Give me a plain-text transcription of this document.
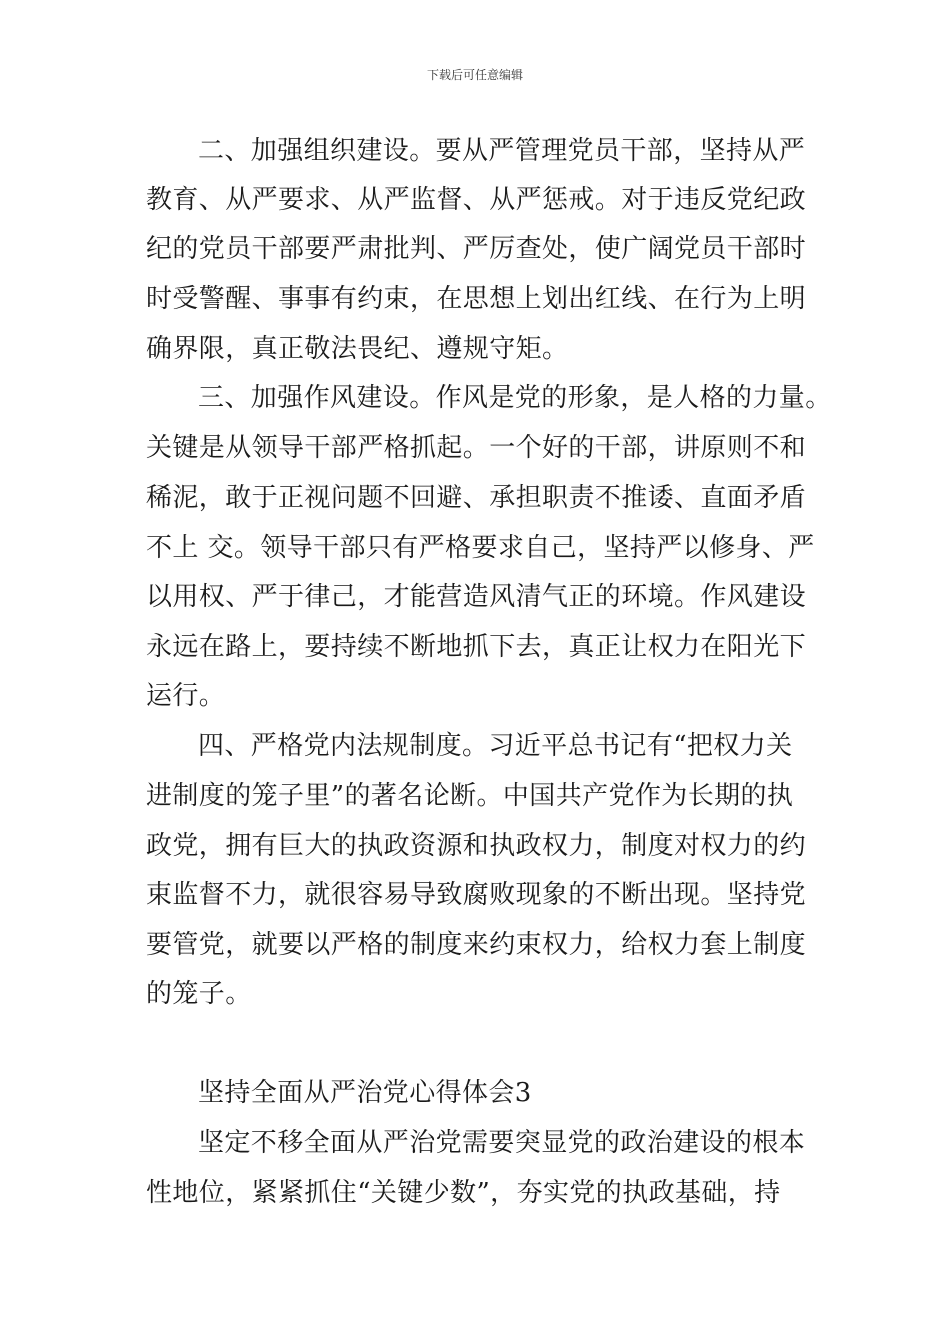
下载后可任意编辑
二、加强组织建设。要从严管理党员干部，坚持从严
教育、从严要求、从严监督、从严惩戒。对于违反党纪政
纪的党员干部要严肃批判、严厉查处，使广阔党员干部时
时受警醒、事事有约束，在思想上划出红线、在行为上明
确界限，真正敬法畏纪、遵规守矩。
三、加强作风建设。作风是党的形象，是人格的力量。
关键是从领导干部严格抓起。一个好的干部，讲原则不和
稀泥，敢于正视问题不回避、承担职责不推诿、直面矛盾
不上 交。领导干部只有严格要求自己，坚持严以修身、严
以用权、严于律己，才能营造风清气正的环境。作风建设
永远在路上，要持续不断地抓下去，真正让权力在阳光下
运行。
四、严格党内法规制度。习近平总书记有“把权力关
进制度的笼子里”的著名论断。中国共产党作为长期的执
政党，拥有巨大的执政资源和执政权力，制度对权力的约
束监督不力，就很容易导致腐败现象的不断出现。坚持党
要管党，就要以严格的制度来约束权力，给权力套上制度
的笼子。
坚持全面从严治党心得体会3
坚定不移全面从严治党需要突显党的政治建设的根本
性地位，紧紧抓住“关键少数”，夯实党的执政基础，持
